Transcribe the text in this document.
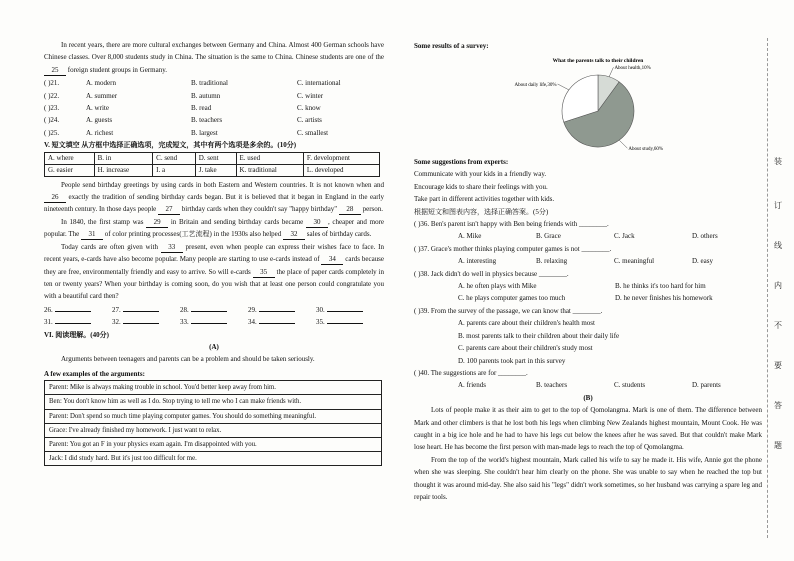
In recent years, there are more cultural exchanges between Germany and China. Almost 400 German schools have Chinese classes. Over 8,000 students study in China. The situation is the same to China. Chinese students are one of the 25 foreign student groups in Germany.

( )21.	A. modern	B. traditional	C. international
( )22.	A. summer	B. autumn	C. winter
( )23.	A. write	B. read	C. know
( )24.	A. guests	B. teachers	C. artists
( )25.	A. richest	B. largest	C. smallest

V. 短文填空 从方框中选择正确选项，完成短文，其中有两个选项是多余的。(10分)

A. where	B. in	C. send	D. sent	E. used	F. development
G. easier	H. increase	I. a	J. take	K. traditional	L. developed

People send birthday greetings by using cards in both Eastern and Western countries. It is not known when and 26 exactly the tradition of sending birthday cards began. But it is believed that it began in England in the early nineteenth century. In those days people 27 birthday cards when they couldn't say "happy birthday" 28 person.

In 1840, the first stamp was 29 in Britain and sending birthday cards became 30 , cheaper and more popular. The 31 of color printing processes(工艺流程) in the 1930s also helped 32 sales of birthday cards.

Today cards are often given with 33 present, even when people can express their wishes face to face. In recent years, e-cards have also become popular. Many people are starting to use e-cards instead of 34 cards because they are free, environmentally friendly and easy to arrive. So will e-cards 35 the place of paper cards completely in ten or twenty years? When your birthday is coming soon, do you wish that at least one person could congratulate you with a beautiful card then?

26.	27.	28.	29.	30.
31.	32.	33.	34.	35.

VI. 阅读理解。(40分)

(A)

Arguments between teenagers and parents can be a problem and should be taken seriously.

A few examples of the arguments:

Parent: Mike is always making trouble in school. You'd better keep away from him.
Ben: You don't know him as well as I do. Stop trying to tell me who I can make friends with.
Parent: Don't spend so much time playing computer games. You should do something meaningful.
Grace: I've already finished my homework. I just want to relax.
Parent: You got an F in your physics exam again. I'm disappointed with you.
Jack: I did study hard. But it's just too difficult for me.

Some results of a survey:

What the parents talk to their children
About health,10%
About study,60%
About daily life,30%

Some suggestions from experts:

Communicate with your kids in a friendly way.

Encourage kids to share their feelings with you.

Take part in different activities together with kids.

根据短文和图表内容，选择正确答案。(5分)

( )36. Ben's parent isn't happy with Ben being friends with ________.

A. Mike	B. Grace	C. Jack	D. others

( )37. Grace's mother thinks playing computer games is not ________.

A. interesting	B. relaxing	C. meaningful	D. easy

( )38. Jack didn't do well in physics because ________.

A. he often plays with Mike	B. he thinks it's too hard for him
C. he plays computer games too much	D. he never finishes his homework

( )39. From the survey of the passage, we can know that ________.

A. parents care about their children's health most

B. most parents talk to their children about their daily life

C. parents care about their children's study most

D. 100 parents took part in this survey

( )40. The suggestions are for ________.

A. friends	B. teachers	C. students	D. parents

(B)

Lots of people make it as their aim to get to the top of Qomolangma. Mark is one of them. The difference between Mark and other climbers is that he lost both his legs when climbing New Zealands highest mountain, Mount Cook. He was caught in a big ice hole and he had to have his legs cut below the knees after he was saved. But that couldn't make Mark lose heart. He has become the first person with man-made legs to reach the top of Qomolangma.

From the top of the world's highest mountain, Mark called his wife to say he made it. His wife, Annie got the phone when she was sleeping. She couldn't hear him clearly on the phone. She was unable to say when he reached the top but thought it was around mid-day. She also said his "legs" didn't work sometimes, so her husband was carrying a spare leg and repair tools.

装
订
线
内
不
要
答
题
